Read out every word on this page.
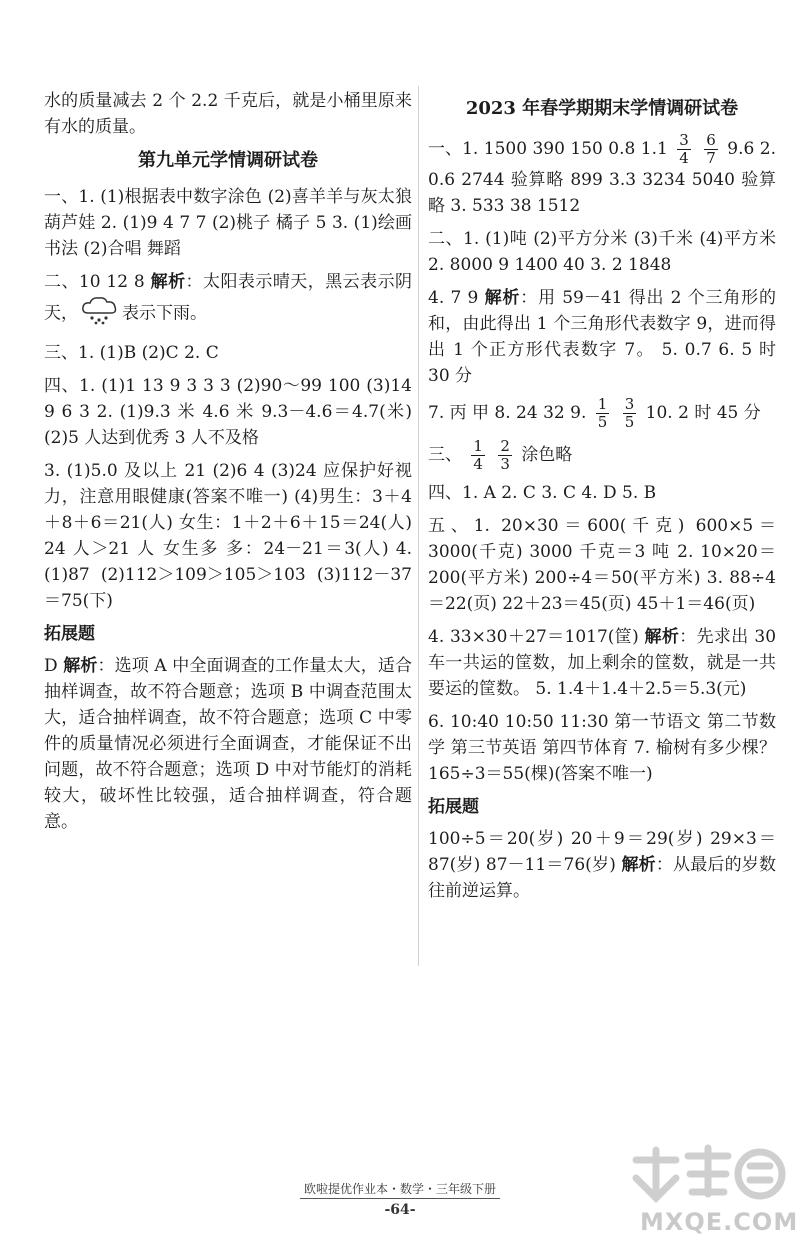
水的质量减去 2 个 2.2 千克后，就是小桶里原来有水的质量。

第九单元学情调研试卷

一、1. (1)根据表中数字涂色 (2)喜羊羊与灰太狼 葫芦娃 2. (1)9 4 7 7 (2)桃子 橘子 5 3. (1)绘画 书法 (2)合唱 舞蹈

二、10 12 8 解析：太阳表示晴天，黑云表示阴天，	表示下雨。

三、1. (1)B (2)C 2. C

四、1. (1)1 13 9 3 3 3 (2)90～99 100 (3)14 9 6 3 2. (1)9.3 米 4.6 米 9.3－4.6＝4.7(米) (2)5 人达到优秀 3 人不及格

3. (1)5.0 及以上 21 (2)6 4 (3)24 应保护好视力，注意用眼健康(答案不唯一) (4)男生：3＋4＋8＋6＝21(人) 女生：1＋2＋6＋15＝24(人) 24 人＞21 人 女生多 多：24－21＝3(人) 4. (1)87 (2)112＞109＞105＞103 (3)112－37＝75(下)

拓展题

D 解析：选项 A 中全面调查的工作量太大，适合抽样调查，故不符合题意；选项 B 中调查范围太大，适合抽样调查，故不符合题意；选项 C 中零件的质量情况必须进行全面调查，才能保证不出问题，故不符合题意；选项 D 中对节能灯的消耗较大，破坏性比较强，适合抽样调查，符合题意。

2023 年春学期期末学情调研试卷

一、1. 1500 390 150 0.8 $1.1 \frac{3}{4}$
$\frac{6}{7} 9.6$ 2. 0.6 2744 验算略 899 3.3 3234 5040 验算略 3. 533 38 1512

二、1. (1)吨 (2)平方分米 (3)千米 (4)平方米 2. 8000 9 1400 40 3. 2 1848

4. 7 9 解析：用 59－41 得出 2 个三角形的和，由此得出 1 个三角形代表数字 9，进而得出 1 个正方形代表数字 7。 5. 0.7 6. 5 时 30 分

7. 丙 甲 8. 24 32 9. $\frac{1}{5}$
$\frac{3}{5} 10$. 2 时 45 分

三、 $\frac{1}{4}$
$\frac{2}{3}$ 涂色略

四、1. A 2. C 3. C 4. D 5. B

五、1. 20×30＝600(千克) 600×5＝3000(千克) 3000 千克＝3 吨 2. 10×20＝200(平方米) 200÷4＝50(平方米) 3. 88÷4＝22(页) 22＋23＝45(页) 45＋1＝46(页)

4. 33×30＋27＝1017(筐) 解析：先求出 30 车一共运的筐数，加上剩余的筐数，就是一共要运的筐数。 5. 1.4＋1.4＋2.5＝5.3(元)

6. 10:40 10:50 11:30 第一节语文 第二节数学 第三节英语 第四节体育 7. 榆树有多少棵？ 165÷3＝55(棵)(答案不唯一)

拓展题

100÷5＝20(岁) 20＋9＝29(岁) 29×3＝87(岁) 87－11＝76(岁) 解析：从最后的岁数往前逆运算。

欧啦提优作业本・数学・三年级下册
-64-	MXQE.COM
